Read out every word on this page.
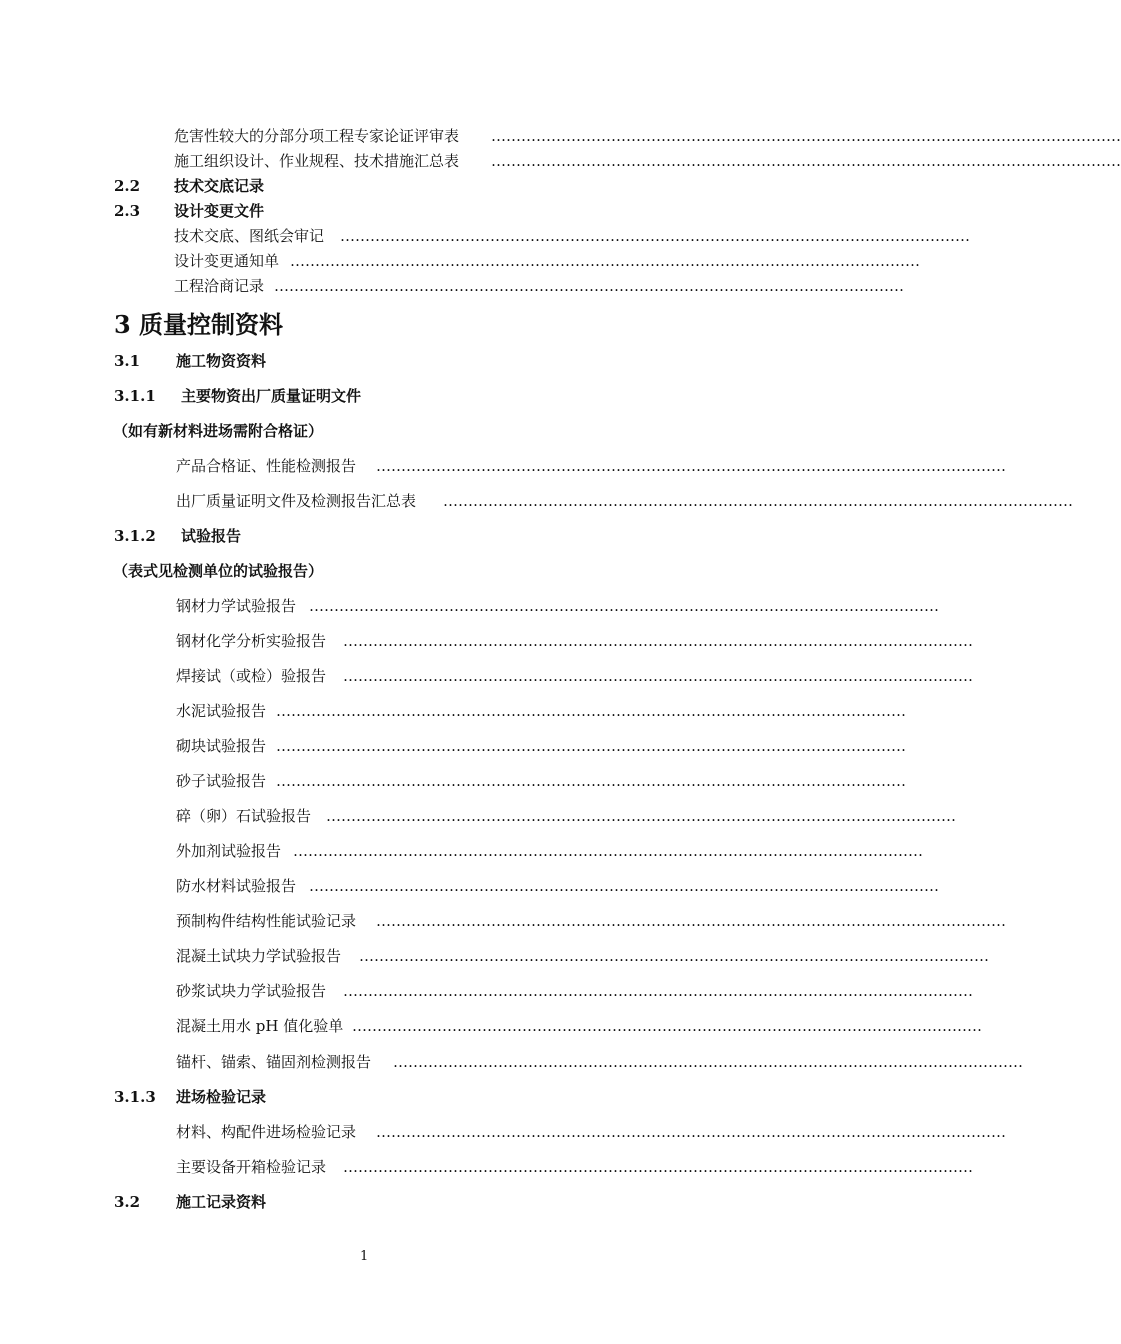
危害性较大的分部分项工程专家论证评审表 ………………………………………………………………………………………………………………
施工组织设计、作业规程、技术措施汇总表 ………………………………………………………………………………………………………………
2.2 技术交底记录
2.3 设计变更文件
技术交底、图纸会审记 ………………………………………………………………………………………………………………
设计变更通知单 ………………………………………………………………………………………………………………
工程洽商记录 ………………………………………………………………………………………………………………
3 质量控制资料
3.1 施工物资资料
3.1.1 主要物资出厂质量证明文件
（如有新材料进场需附合格证）
产品合格证、性能检测报告 ………………………………………………………………………………………………………………
出厂质量证明文件及检测报告汇总表 ………………………………………………………………………………………………………………
3.1.2 试验报告
（表式见检测单位的试验报告）
钢材力学试验报告 ………………………………………………………………………………………………………………
钢材化学分析实验报告 ………………………………………………………………………………………………………………
焊接试（或检）验报告 ………………………………………………………………………………………………………………
水泥试验报告 ………………………………………………………………………………………………………………
砌块试验报告 ………………………………………………………………………………………………………………
砂子试验报告 ………………………………………………………………………………………………………………
碎（卵）石试验报告 ………………………………………………………………………………………………………………
外加剂试验报告 ………………………………………………………………………………………………………………
防水材料试验报告 ………………………………………………………………………………………………………………
预制构件结构性能试验记录 ………………………………………………………………………………………………………………
混凝土试块力学试验报告 ………………………………………………………………………………………………………………
砂浆试块力学试验报告 ………………………………………………………………………………………………………………
混凝土用水 pH 值化验单 ………………………………………………………………………………………………………………
锚杆、锚索、锚固剂检测报告 ………………………………………………………………………………………………………………
3.1.3 进场检验记录
材料、构配件进场检验记录 ………………………………………………………………………………………………………………
主要设备开箱检验记录 ………………………………………………………………………………………………………………
3.2 施工记录资料
1
